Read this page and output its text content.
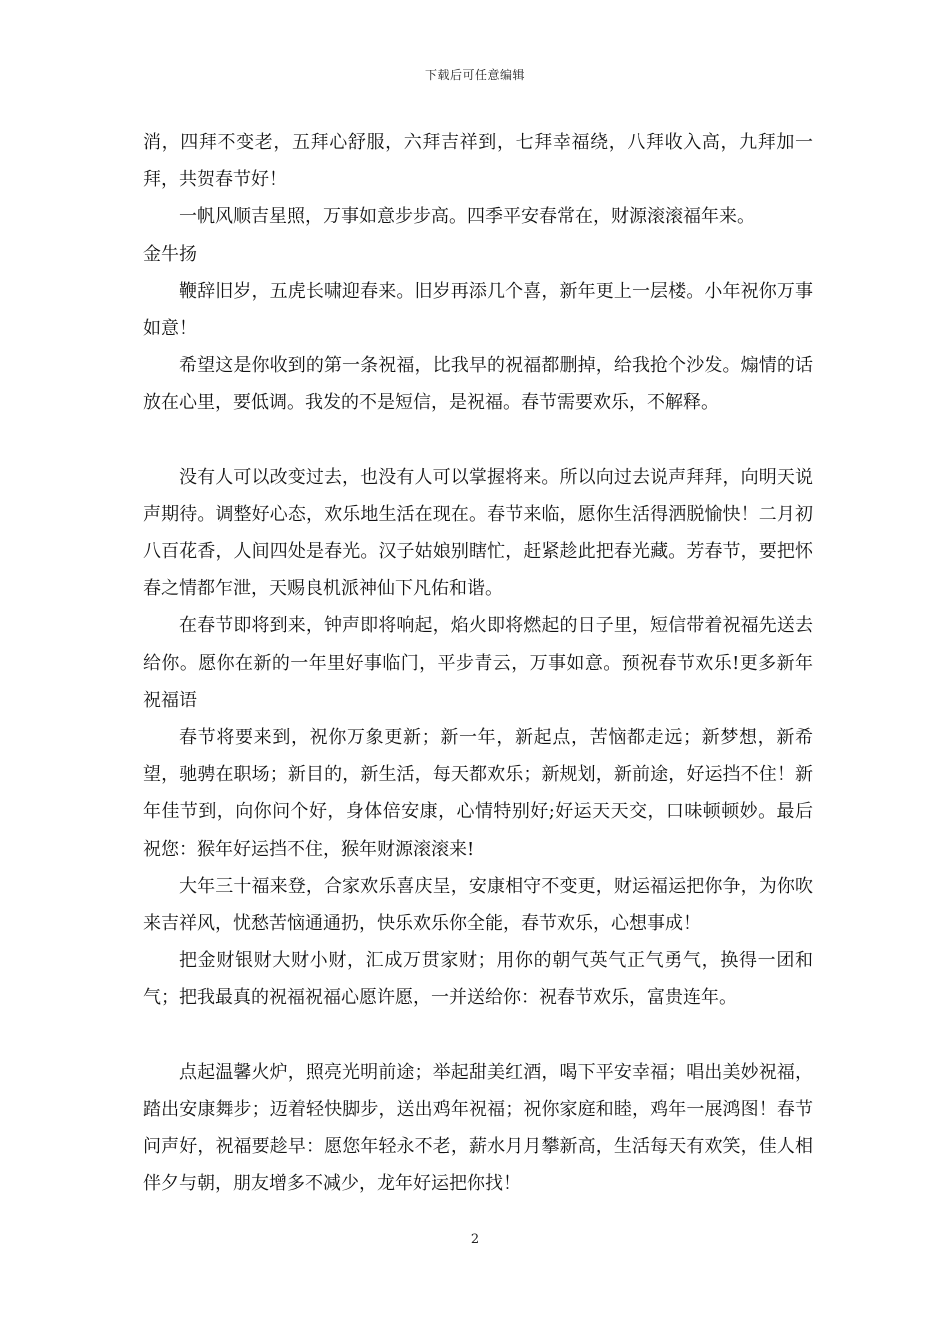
下载后可任意编辑

消，四拜不变老，五拜心舒服，六拜吉祥到，七拜幸福绕，八拜收入高，九拜加一拜，共贺春节好！

一帆风顺吉星照，万事如意步步高。四季平安春常在，财源滚滚福年来。

金牛扬

鞭辞旧岁，五虎长啸迎春来。旧岁再添几个喜，新年更上一层楼。小年祝你万事如意！

希望这是你收到的第一条祝福，比我早的祝福都删掉，给我抢个沙发。煽情的话放在心里，要低调。我发的不是短信，是祝福。春节需要欢乐，不解释。

没有人可以改变过去，也没有人可以掌握将来。所以向过去说声拜拜，向明天说声期待。调整好心态，欢乐地生活在现在。春节来临，愿你生活得洒脱愉快！二月初八百花香，人间四处是春光。汉子姑娘别瞎忙，赶紧趁此把春光藏。芳春节，要把怀春之情都乍泄，天赐良机派神仙下凡佑和谐。

在春节即将到来，钟声即将响起，焰火即将燃起的日子里，短信带着祝福先送去给你。愿你在新的一年里好事临门，平步青云，万事如意。预祝春节欢乐!更多新年祝福语

春节将要来到，祝你万象更新；新一年，新起点，苦恼都走远；新梦想，新希望，驰骋在职场；新目的，新生活，每天都欢乐；新规划，新前途，好运挡不住！新年佳节到，向你问个好，身体倍安康，心情特别好;好运天天交，口味顿顿妙。最后祝您：猴年好运挡不住，猴年财源滚滚来!

大年三十福来登，合家欢乐喜庆呈，安康相守不变更，财运福运把你争，为你吹来吉祥风，忧愁苦恼通通扔，快乐欢乐你全能，春节欢乐，心想事成！

把金财银财大财小财，汇成万贯家财；用你的朝气英气正气勇气，换得一团和气；把我最真的祝福祝福心愿许愿，一并送给你：祝春节欢乐，富贵连年。

点起温馨火炉，照亮光明前途；举起甜美红酒，喝下平安幸福；唱出美妙祝福，踏出安康舞步；迈着轻快脚步，送出鸡年祝福；祝你家庭和睦，鸡年一展鸿图！春节问声好，祝福要趁早：愿您年轻永不老，薪水月月攀新高，生活每天有欢笑，佳人相伴夕与朝，朋友增多不减少，龙年好运把你找！

2
